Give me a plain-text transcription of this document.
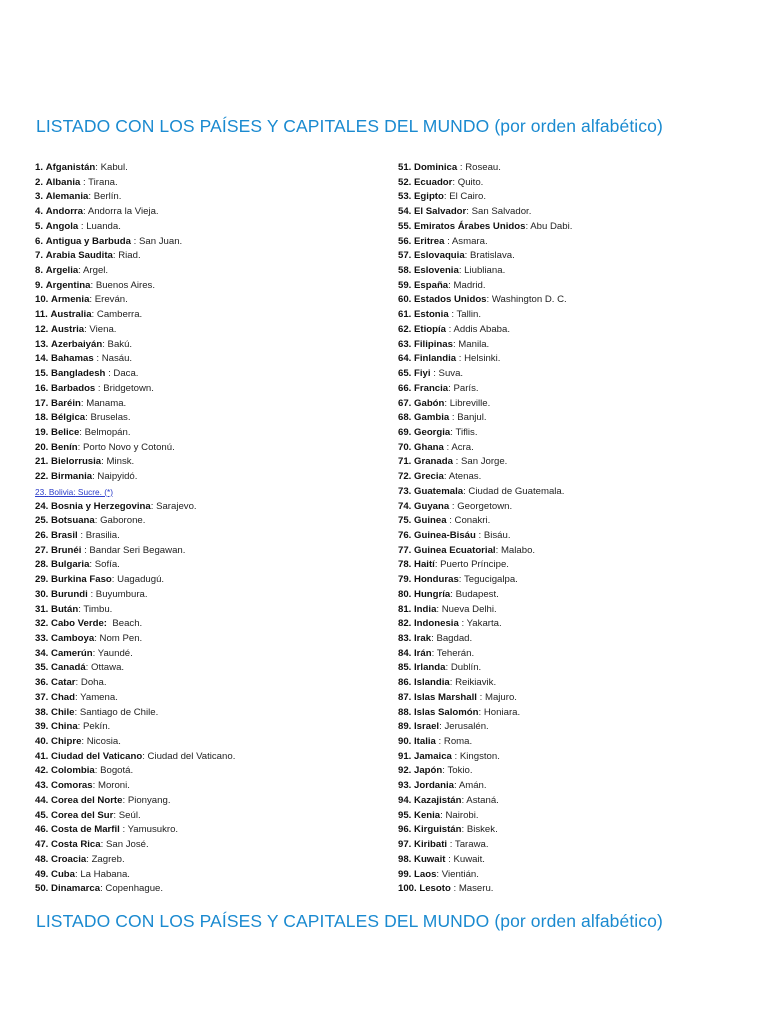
LISTADO CON LOS PAÍSES Y CAPITALES DEL MUNDO (por orden alfabético)
1. Afganistán: Kabul.
2. Albania : Tirana.
3. Alemania: Berlín.
4. Andorra: Andorra la Vieja.
5. Angola : Luanda.
6. Antigua y Barbuda : San Juan.
7. Arabia Saudita: Riad.
8. Argelia: Argel.
9. Argentina: Buenos Aires.
10. Armenia: Ereván.
11. Australia: Camberra.
12. Austria: Viena.
13. Azerbaiyán: Bakú.
14. Bahamas : Nasáu.
15. Bangladesh : Daca.
16. Barbados : Bridgetown.
17. Baréin: Manama.
18. Bélgica: Bruselas.
19. Belice: Belmopán.
20. Benín: Porto Novo y Cotonú.
21. Bielorrusia: Minsk.
22. Birmania: Naipyidó.
23. Bolivia: Sucre. (*)
24. Bosnia y Herzegovina: Sarajevo.
25. Botsuana: Gaborone.
26. Brasil : Brasilia.
27. Brunéi : Bandar Seri Begawan.
28. Bulgaria: Sofía.
29. Burkina Faso: Uagadugú.
30. Burundi : Buyumbura.
31. Bután: Timbu.
32. Cabo Verde: Beach.
33. Camboya: Nom Pen.
34. Camerún: Yaundé.
35. Canadá: Ottawa.
36. Catar: Doha.
37. Chad: Yamena.
38. Chile: Santiago de Chile.
39. China: Pekín.
40. Chipre: Nicosia.
41. Ciudad del Vaticano: Ciudad del Vaticano.
42. Colombia: Bogotá.
43. Comoras: Moroni.
44. Corea del Norte: Pionyang.
45. Corea del Sur: Seúl.
46. Costa de Marfil : Yamusukro.
47. Costa Rica: San José.
48. Croacia: Zagreb.
49. Cuba: La Habana.
50. Dinamarca: Copenhague.
51. Dominica : Roseau.
52. Ecuador: Quito.
53. Egipto: El Cairo.
54. El Salvador: San Salvador.
55. Emiratos Árabes Unidos: Abu Dabi.
56. Eritrea : Asmara.
57. Eslovaquia: Bratislava.
58. Eslovenia: Liubliana.
59. España: Madrid.
60. Estados Unidos: Washington D. C.
61. Estonia : Tallin.
62. Etiopía : Addis Ababa.
63. Filipinas: Manila.
64. Finlandia : Helsinki.
65. Fiyi : Suva.
66. Francia: París.
67. Gabón: Libreville.
68. Gambia : Banjul.
69. Georgia: Tiflis.
70. Ghana : Acra.
71. Granada : San Jorge.
72. Grecia: Atenas.
73. Guatemala: Ciudad de Guatemala.
74. Guyana : Georgetown.
75. Guinea : Conakri.
76. Guinea-Bisáu : Bisáu.
77. Guinea Ecuatorial: Malabo.
78. Haití: Puerto Príncipe.
79. Honduras: Tegucigalpa.
80. Hungría: Budapest.
81. India: Nueva Delhi.
82. Indonesia : Yakarta.
83. Irak: Bagdad.
84. Irán: Teherán.
85. Irlanda: Dublín.
86. Islandia: Reikiavik.
87. Islas Marshall : Majuro.
88. Islas Salomón: Honiara.
89. Israel: Jerusalén.
90. Italia : Roma.
91. Jamaica : Kingston.
92. Japón: Tokio.
93. Jordania: Amán.
94. Kazajistán: Astaná.
95. Kenia: Nairobi.
96. Kirguistán: Biskek.
97. Kiribati : Tarawa.
98. Kuwait : Kuwait.
99. Laos: Vientián.
100. Lesoto : Maseru.
LISTADO CON LOS PAÍSES Y CAPITALES DEL MUNDO (por orden alfabético)
